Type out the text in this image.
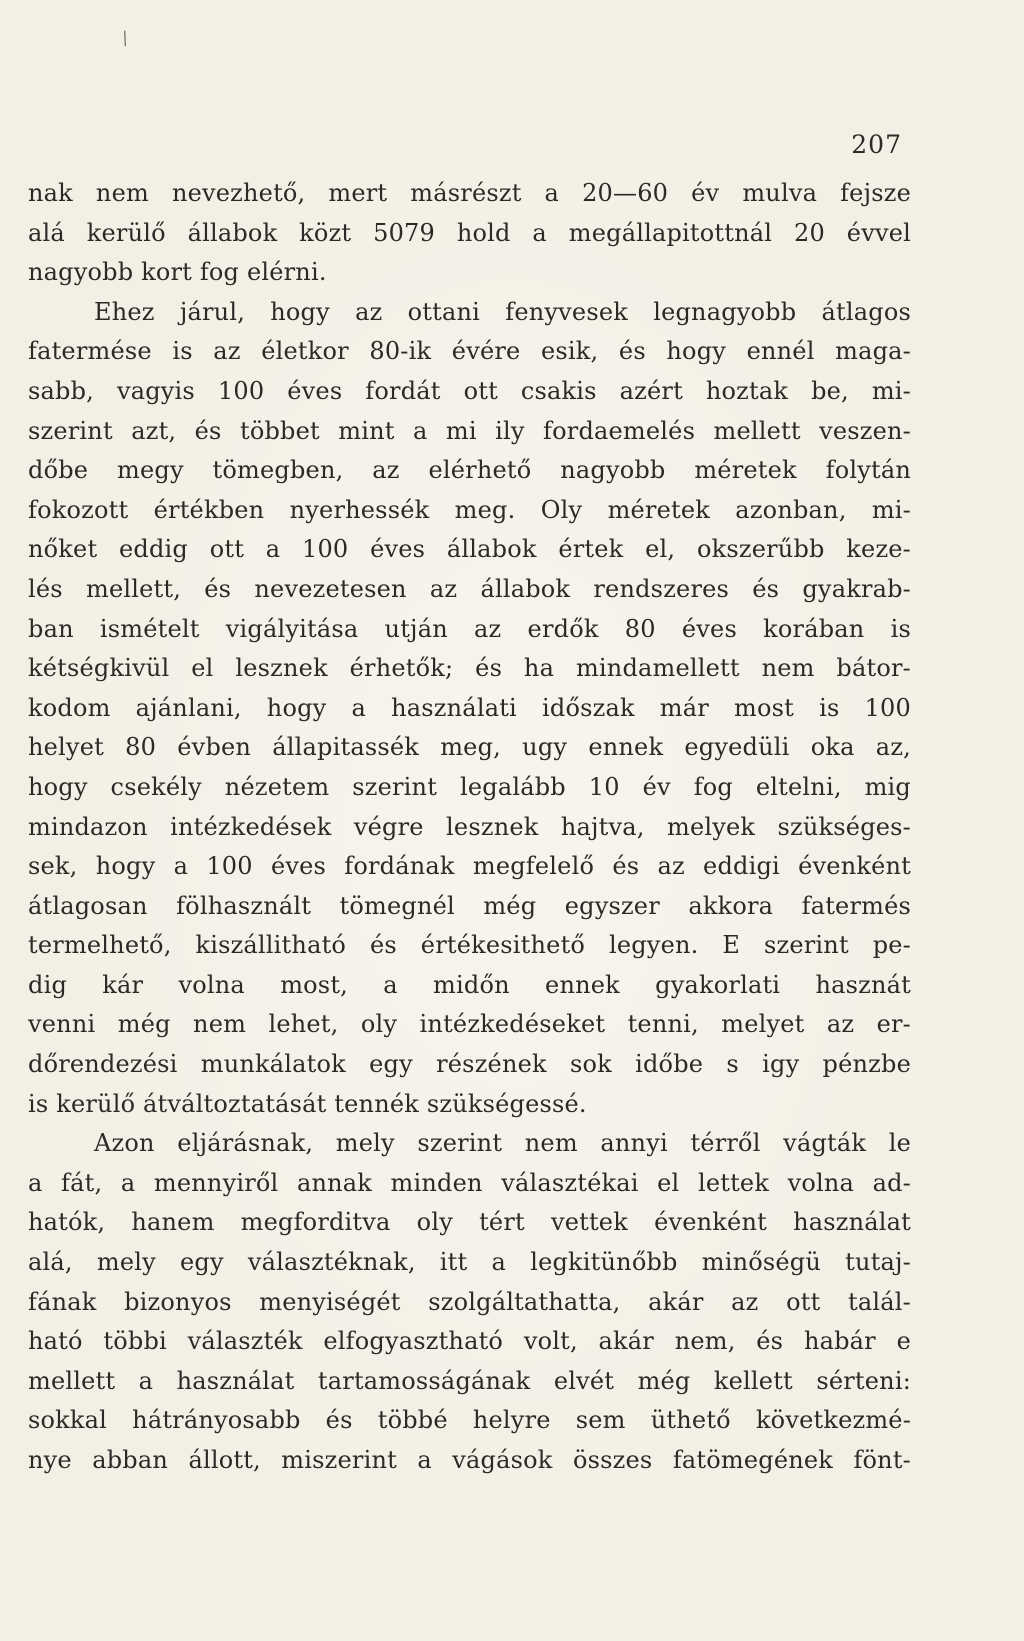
/
207
nak nem nevezhető, mert másrészt a 20—60 év mulva fejsze
alá kerülő állabok közt 5079 hold a megállapitottnál 20 évvel
nagyobb kort fog elérni.
Ehez járul, hogy az ottani fenyvesek legnagyobb átlagos
fatermése is az életkor 80-ik évére esik, és hogy ennél maga-
sabb, vagyis 100 éves fordát ott csakis azért hoztak be, mi-
szerint azt, és többet mint a mi ily fordaemelés mellett veszen-
dőbe megy tömegben, az elérhető nagyobb méretek folytán
fokozott értékben nyerhessék meg. Oly méretek azonban, mi-
nőket eddig ott a 100 éves állabok értek el, okszerűbb keze-
lés mellett, és nevezetesen az állabok rendszeres és gyakrab-
ban ismételt vigályitása utján az erdők 80 éves korában is
kétségkivül el lesznek érhetők; és ha mindamellett nem bátor-
kodom ajánlani, hogy a használati időszak már most is 100
helyet 80 évben állapitassék meg, ugy ennek egyedüli oka az,
hogy csekély nézetem szerint legalább 10 év fog eltelni, mig
mindazon intézkedések végre lesznek hajtva, melyek szükséges-
sek, hogy a 100 éves fordának megfelelő és az eddigi évenként
átlagosan fölhasznált tömegnél még egyszer akkora fatermés
termelhető, kiszállitható és értékesithető legyen. E szerint pe-
dig kár volna most, a midőn ennek gyakorlati hasznát
venni még nem lehet, oly intézkedéseket tenni, melyet az er-
dőrendezési munkálatok egy részének sok időbe s igy pénzbe
is kerülő átváltoztatását tennék szükségessé.
Azon eljárásnak, mely szerint nem annyi térről vágták le
a fát, a mennyiről annak minden választékai el lettek volna ad-
hatók, hanem megforditva oly tért vettek évenként használat
alá, mely egy választéknak, itt a legkitünőbb minőségü tutaj-
fának bizonyos menyiségét szolgáltathatta, akár az ott talál-
ható többi választék elfogyasztható volt, akár nem, és habár e
mellett a használat tartamosságának elvét még kellett sérteni:
sokkal hátrányosabb és többé helyre sem üthető következmé-
nye abban állott, miszerint a vágások összes fatömegének fönt-
